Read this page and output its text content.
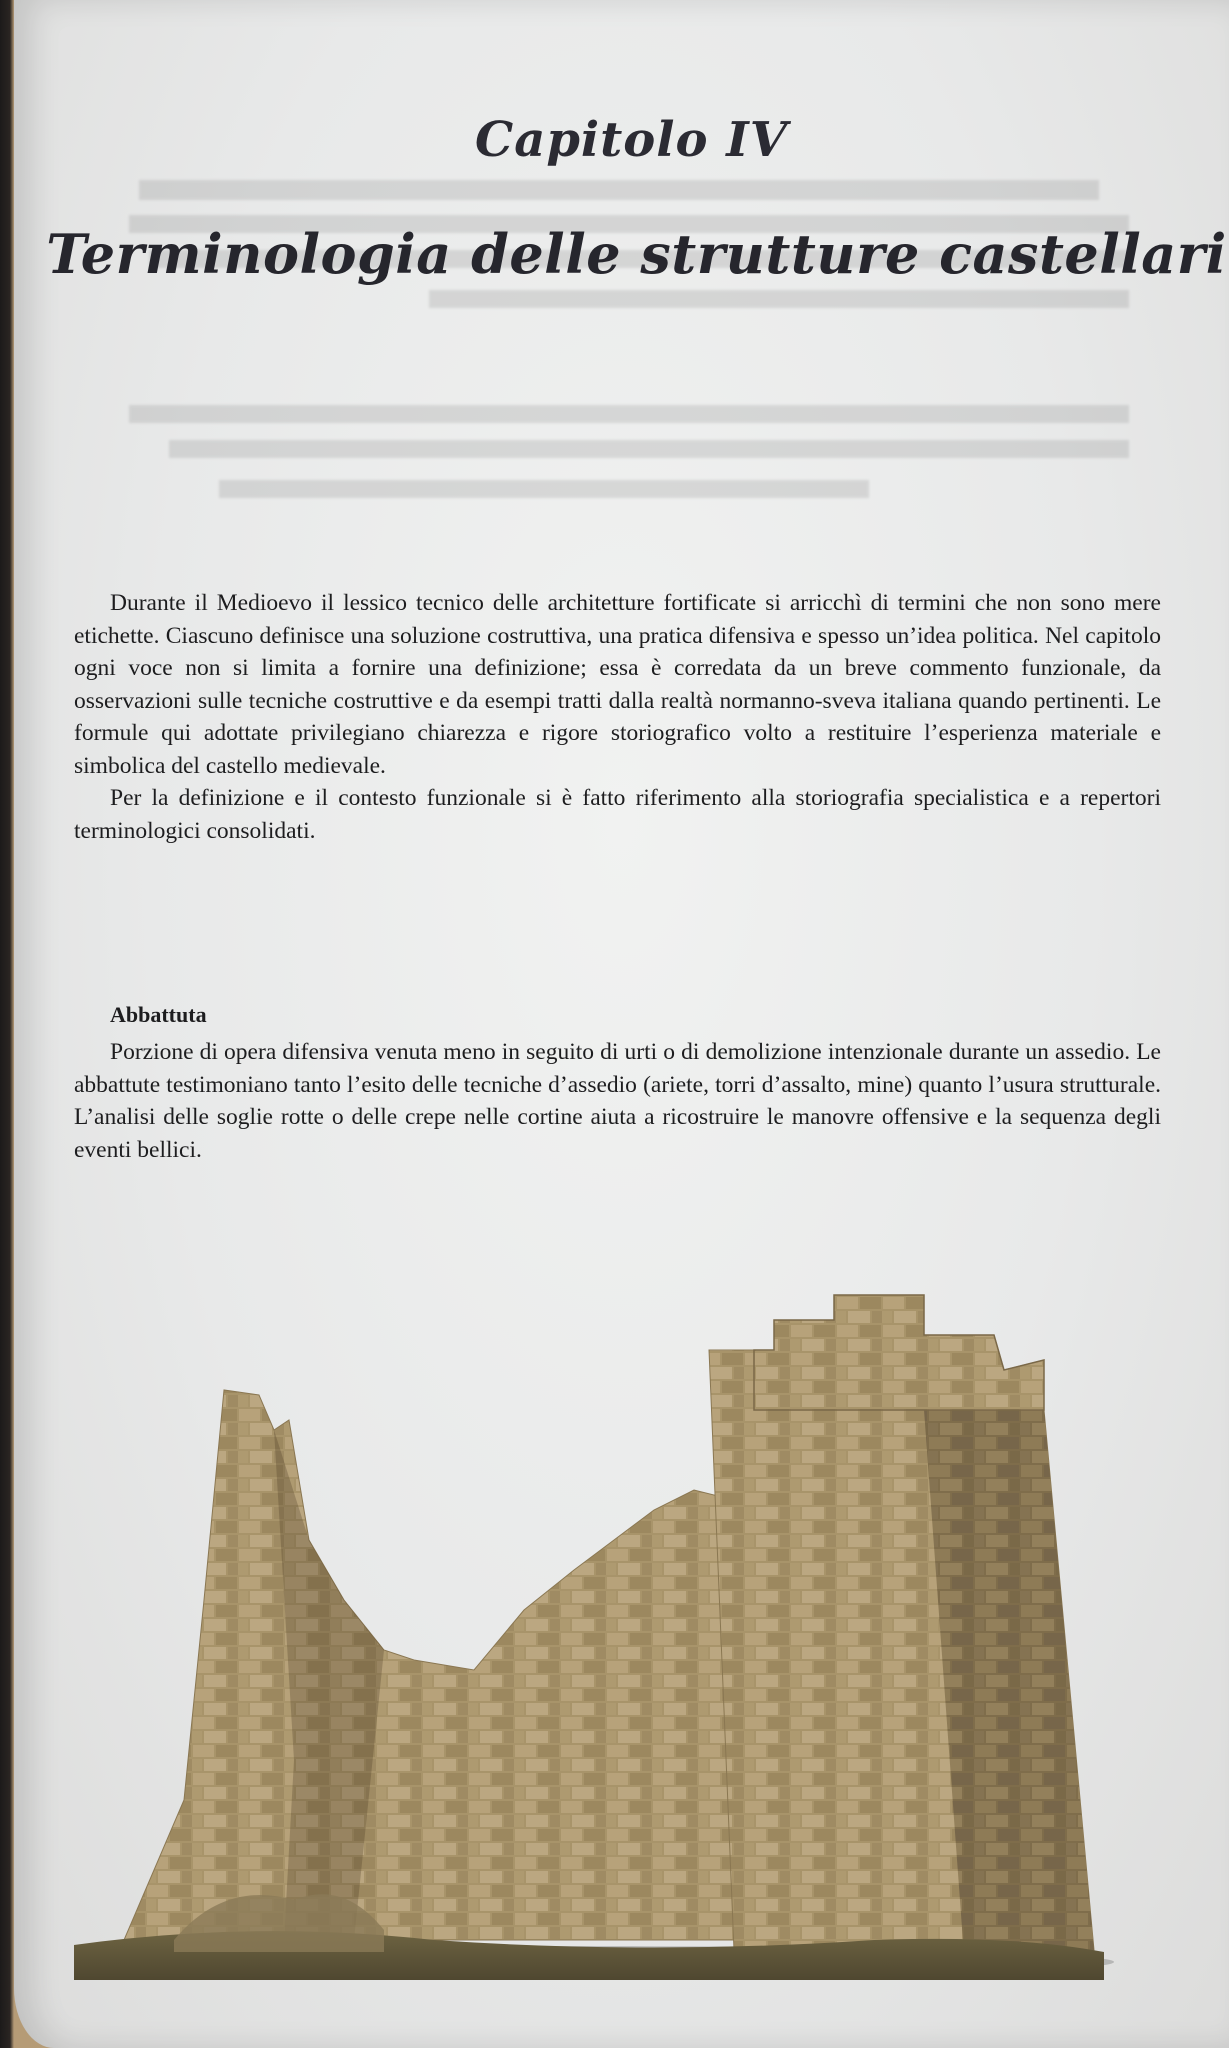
Capitolo IV
Terminologia delle strutture castellari

Durante il Medioevo il lessico tecnico delle architetture fortificate si arricchì di termini che non sono mere etichette. Ciascuno definisce una soluzione costruttiva, una pratica difensiva e spesso un’idea politica. Nel capitolo ogni voce non si limita a fornire una definizione; essa è corredata da un breve commento funzionale, da osservazioni sulle tecniche costruttive e da esempi tratti dalla realtà normanno-sveva italiana quando pertinenti. Le formule qui adottate privilegiano chiarezza e rigore storiografico volto a restituire l’esperienza materiale e simbolica del castello medievale.

Per la definizione e il contesto funzionale si è fatto riferimento alla storiografia specialistica e a repertori terminologici consolidati.

Abbattuta

Porzione di opera difensiva venuta meno in seguito di urti o di demolizione intenzionale durante un assedio. Le abbattute testimoniano tanto l’esito delle tecniche d’assedio (ariete, torri d’assalto, mine) quanto l’usura strutturale. L’analisi delle soglie rotte o delle crepe nelle cortine aiuta a ricostruire le manovre offensive e la sequenza degli eventi bellici.
